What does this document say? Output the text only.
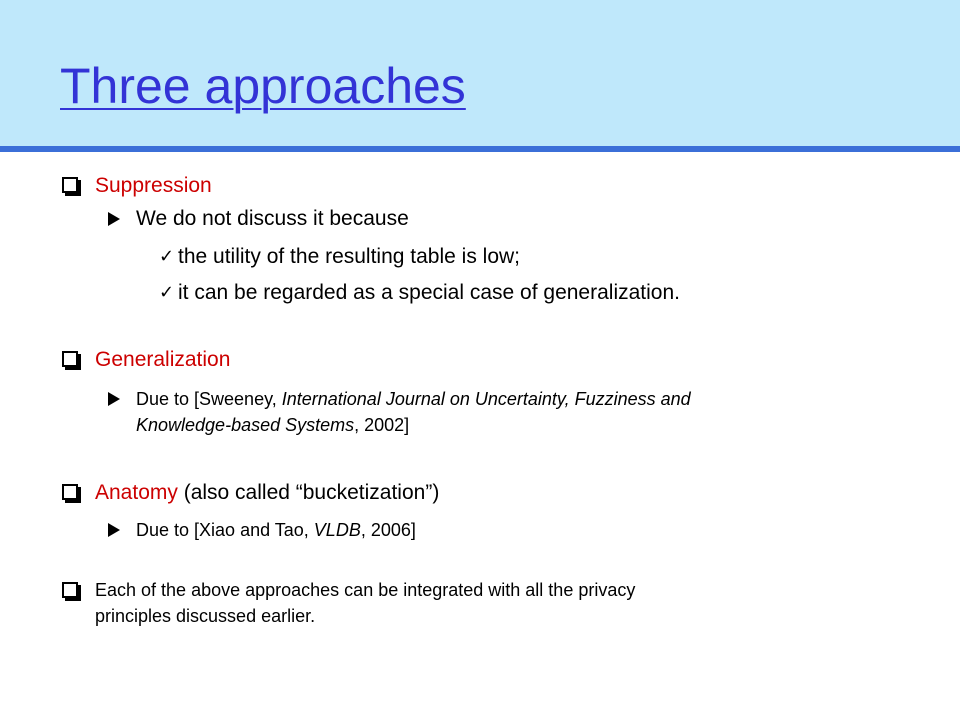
Three approaches
Suppression
We do not discuss it because
✓ the utility of the resulting table is low;
✓ it can be regarded as a special case of generalization.
Generalization
Due to [Sweeney, International Journal on Uncertainty, Fuzziness and
Knowledge-based Systems, 2002]
Anatomy (also called “bucketization”)
Due to [Xiao and Tao, VLDB, 2006]
Each of the above approaches can be integrated with all the privacy
principles discussed earlier.
